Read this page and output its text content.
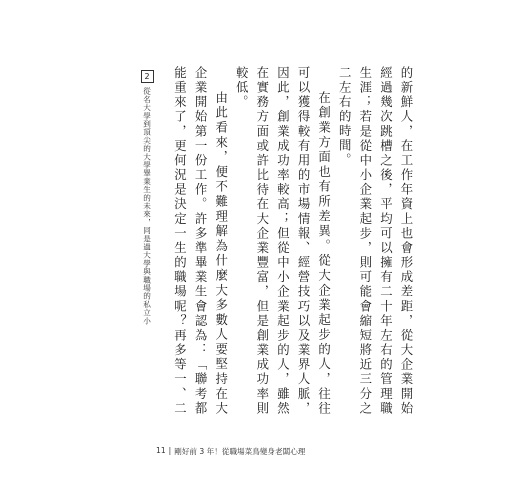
的新鮮人，在工作年資上也會形成差距，從大企業開始經過幾次跳槽之後，平均可以擁有二十年左右的管理職生涯；若是從中小企業起步，則可能會縮短將近三分之二左右的時間。

在創業方面也有所差異。從大企業起步的人，往往可以獲得較有用的市場情報、經營技巧以及業界人脈，因此，創業成功率較高；但從中小企業起步的人，雖然在實務方面或許比待在大企業豐富，但是創業成功率則較低。

由此看來，便不難理解為什麼大多數人要堅持在大企業開始第一份工作。許多準畢業生會認為：「聯考都能重來了，更何況是決定一生的職場呢？再多等一、二

2
從名大學到頂尖的大學畢業生的未來，同是過大學與職場的私立小
11 | 剛好前 3 年！從職場菜鳥變身老闆心理
